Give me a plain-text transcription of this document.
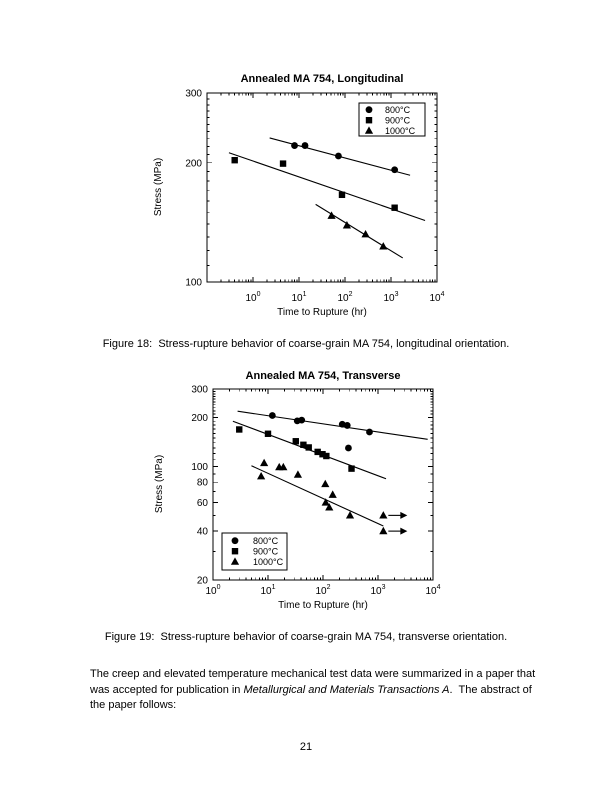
Annealed MA 754, Longitudinal
Time to Rupture (hr)
Stress (MPa)
$10^0$	$10^1$	$10^2$	$10^3$	$10^4$
100
200
300
800°C
900°C
1000°C
Figure 18:  Stress-rupture behavior of coarse-grain MA 754, longitudinal orientation.
Annealed MA 754, Transverse
Time to Rupture (hr)
Stress (MPa)
$10^0$	$10^1$	$10^2$	$10^3$	$10^4$
20
40
60
80
100
200
300
800°C
900°C
1000°C
Figure 19:  Stress-rupture behavior of coarse-grain MA 754, transverse orientation.

The creep and elevated temperature mechanical test data were summarized in a paper that was accepted for publication in Metallurgical and Materials Transactions A.  The abstract of the paper follows:

21
